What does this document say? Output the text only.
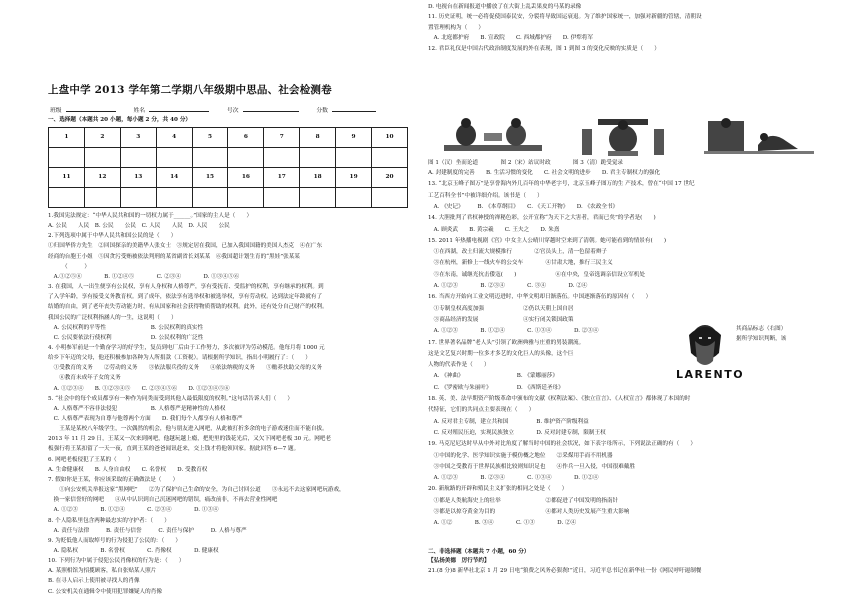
上盘中学 2013 学年第二学期八年级期中思品、社会检测卷
班级	姓名	号次	分数
一、选择题（本题共 20 小题，每小题 2 分，共 40 分）
1	2	3	4	5	6	7	8	9	10

11	12	13	14	15	16	17	18	19	20

1.我国宪法规定：“中华人民共和国的一切权力属于______。”国家的主人是（　　）
A. 公民　　人民　B. 公民　　公民　C. 人民　　人民　D. 人民　　公民
2.下列选项中属于中华人民共和国公民的是（　　）
①归国华侨方先生　②回国探亲的美籍华人张女士　③规定居在我国，已加入我国国籍的美国人杰克　④在广东
经商的台胞王小姐　⑤因贪污受贿被依法判刑的某省副省长刘某某　⑥我国超计划生育的“黑娃”张某某
　　　（　　　）
　A.①②⑤⑥　　　　B. ①②④⑤　　　　C. ②③④　　　　D. ①③④⑤⑥
3. 在我国，人一出生便享有公民权，享有人身权和人格尊严，享有受抚育、受监护的权利，享有继承的权利。到
了入学年龄，享有接受义务教育权。到了成年，依法享有选举权和被选举权，享有劳动权。达到法定年龄就有了
结婚的自由，到了老年丧失劳动能力时，有从国家和社会获得物质帮助的权利。此外，还有处分自己财产的权利。
我国公民的广泛权利指涵人的一生，这说明（　　）
　A. 公民权利的平等性　　　　　　　　B. 公民权利的真实性
　C. 公民要依法行使权利　　　　　　　D. 公民权利的广泛性
4. 小明参军前是一个勤奋学习的好学生，复员到电厂后由于工作努力，多次被评为劳动模范。他每月将 1000 元
给乡下年迈的父母，他还积极参加各种为人所捐款（工资税）。请根据所学知识，指出小明履行了：（　　）
　①受教育的义务　　②劳动的义务　　③依法服兵役的义务　　④依法纳税的义务　　⑤赡养扶助父母的义务
　　⑥教育未成年子女的义务
　A. ①②③④　　B. ①②③④⑤　　C. ②③④⑤⑥　　D. ①②③④⑤⑥
5. “社会中的每个成员都享有一种作为同类而受到其他人最低限度的权利。”这句话告诉人们（　　）
　A. 人格尊严不容非法侵犯　　　　　　B. 人格尊严是精神性的人格权
　C. 人格尊严表现为自尊与他尊两个方面　　D. 我们每个人都享有人格和尊严
　　王某是某校八年级学生，一次偶然的机会，他与朋友进入网吧，从此被打折多余的电子游戏迷住而不能自拔。
2013 年 11 月 29 日，王某又一次来到网吧，他越玩越上瘾，把兜里的钱花光后，又欠下网吧老板 30 元。网吧老
板强行将王某扣留了一天一夜，直到王某的爸爸闻讯赶来，交上钱才将他领回家。据此回答 6—7 题。
6. 网吧老板侵犯了王某的（　　）
A. 生命健康权　　B. 人身自由权　　C. 名誉权　　D. 受教育权
7. 假如你是王某，你应该采取的正确做法是（　　）
　　①向公安机关举报这家“黑网吧”　　②为了保护自己生命的安全，为自己讨回公道　　③永远不去这家网吧玩游戏，
　换一家信誉好的网吧　　④从中认识到自己沉迷网吧的错误，痛改前非，不再去营业性网吧
　A. ①②③　　　　B. ①②④　　　　C. ②③④　　　　D. ①③④
8. 个人隐私里包含两种最忠实的守护者：（　　）
　A. 责任与法律　　　B. 责任与信誉　　　C. 责任与保护　　　D. 人格与尊严
9. 为贬低他人而取绰号的行为侵犯了公民的：（　　）
　A. 隐私权　　　　B. 名誉权　　　　C. 肖像权　　　　D. 健康权
10. 下列行为中属于侵犯公民肖像权的行为是：（　　）
A. 某照相馆为招揽顾客，私自张贴某人照片
B. 在寻人启示上使用被寻找人的肖像
C. 公安机关在通辑令中使用犯罪嫌疑人的肖像
D. 电视台在新闻报道中播放了在大街上乱丢果皮的马某的录像
11. 历史证明，统一必将促使国泰民安，分裂将导致国运衰退。为了维护国家统一，加强对新疆的管辖，清朝设
置管理机构为（　　）
　A. 北庭都护府　　B. 宣政院　　C. 西域都护府　　D. 伊犁将军
12. 君臣礼仪是中国古代政治制度发展的外在表现，图 1 到图 3 的变化反映的实质是（　　）
图 1（汉）坐而论道　　　　图 2（宋）站议时政　　　　图 3（清）跪受觉录
A. 封建制度的完善　　B. 生活习惯的变化　　C. 社会文明的进步　　D. 君主专制权力的强化
13. “北京玉峰子图万”是享誉海内外几百年的中华老字号，北京玉峰子图万的生 产技术，曾在“中国 17 世纪
工艺百科全书”中被详细介绍。该书是（　　）
　A. 《史记》　　　B. 《本草纲目》　　C. 《天工开物》　　D. 《农政全书》
14. 大胆批判了君权神授的禅秘色彩，公开宣称“为天下之大害者，君而已矣”的学者是(　　)
　A. 顾炎武　　B. 黄宗羲　　C. 王夫之　　D. 朱熹
15. 2011 年热播电视剧《宫》中女主人公晴川穿越时空来到了清朝。她可能看到的情景有(　　)
　①在西湖，改土归流大规模推行　　　　②官员头上，清一色留着辫子
　③在杭州，新修上一线火车的公交车　　　　④甘肃大地，推行三民主义
　⑤在东南，诚继光抗击倭寇(　　)　　　　　　　⑥在中央，皇帝选调亲信设立军机处
　A. ①②③　　　　B. ②③④　　　　C. ③④　　　　D. ②④
16. 当西方开始向工业文明迈进时，中华文明却日渐落伍。中国逐渐落伍的原因有（　　）
　①专制皇权高度加强　　　　　　　②仍以天朝上国自居
　③商品经济的发展　　　　　　　　④实行闭关锁国政策
　A. ①②③　　　　B. ①②④　　　　C. ①③④　　　　D. ②③④
17. 世界著名品牌“老人头”引领了欧洲典雅与庄重的男装潮流。
这是文艺复兴时期一位多才多艺的文化巨人的头像，这个巨
人物的代表作是（　　）
　A. 《神曲》　　　　　　　　　　B. 《蒙娜丽莎》
　C. 《罗密欧与朱丽叶》　　　　　D. 《西斯廷圣母》
18. 英、美、法早期资产阶级革命中颁布的文献《权利法案》、《独立宣言》、《人权宣言》都体现了本国的时
代特征，它们的共同点主要表现在（　　）
　A. 反对君主专制，建立共和国　　　　　B. 维护资产阶级利益
　C. 反对殖民压迫，实现民族独立　　　　D. 反对封建专制，限制王权
19. 马克尼尼达时早从中外对比角度了解当时中国的社会状况，如下表字母所示，下列说法正确的有（　　）
　①中国的化学、医学知识实施于模仿概之地位　　②采煤用手而不用机器
　③中国之受教育于世界民族相比较则知识足也　　④作兵一旦入侵，中国很难戴胜
　A. ①②③　　　　B. ②③④　　　　C. ①③④　　　　D. ①②④
20. 新航路的开辟和殖民主义扩张的相同之处是（　　）
　①都是人类航海史上的壮举　　　　　　　　②都促进了中国发明的指南针
　③都是以掠夺黄金为目的　　　　　　　　　④都对人类历史发展产生重大影响
　A. ①②　　　　B. ③④　　　　C. ①③　　　　D. ②④
其商品标志（右图）
据所学知识判断，该
LARENTO
二、非选择题（本题共 7 小题，60 分）
【弘扬美德　厉行节约】
21.(8 分)8 新华社北京 1 月 29 日电“狼费之风务必狠刹!”近日，习近平总书记在新华社一份《网民呼吁遏制餐
